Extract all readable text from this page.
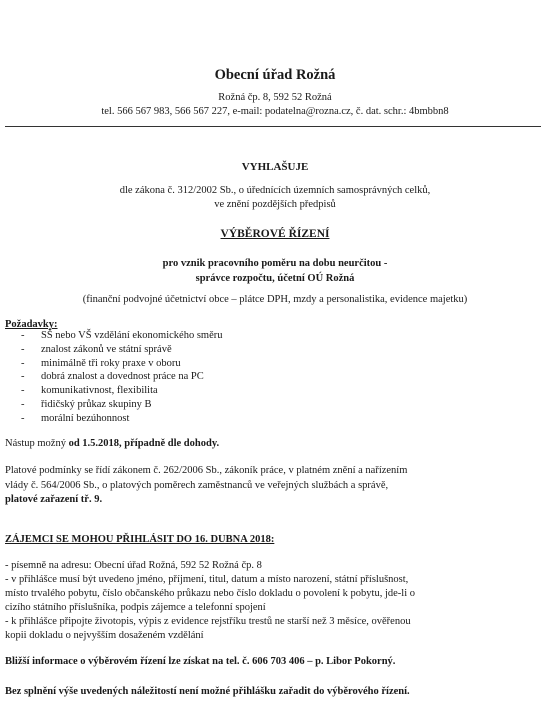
Obecní úřad Rožná
Rožná čp. 8, 592 52 Rožná
tel. 566 567 983, 566 567 227, e-mail: podatelna@rozna.cz, č. dat. schr.: 4bmbbn8
VYHLAŠUJE
dle zákona č. 312/2002 Sb., o úřednících územních samosprávných celků,
ve znění pozdějších předpisů
VÝBĚROVÉ ŘÍZENÍ
pro vznik pracovního poměru na dobu neurčitou -
správce rozpočtu, účetní OÚ Rožná
(finanční podvojné účetnictví obce – plátce DPH, mzdy a personalistika, evidence majetku)
Požadavky:
- SŠ nebo VŠ vzdělání ekonomického směru
- znalost zákonů ve státní správě
- minimálně tři roky praxe v oboru
- dobrá znalost a dovednost práce na PC
- komunikativnost, flexibilita
- řidičský průkaz skupiny B
- morální bezúhonnost
Nástup možný od 1.5.2018, případně dle dohody.
Platové podmínky se řídí zákonem č. 262/2006 Sb., zákoník práce, v platném znění a nařízením
vlády č. 564/2006 Sb., o platových poměrech zaměstnanců ve veřejných službách a správě,
platové zařazení tř. 9.
ZÁJEMCI SE MOHOU PŘIHLÁSIT DO 16. DUBNA 2018:
- písemně na adresu: Obecní úřad Rožná, 592 52 Rožná čp. 8
- v přihlášce musí být uvedeno jméno, příjmení, titul, datum a místo narození, státní příslušnost,
místo trvalého pobytu, číslo občanského průkazu nebo číslo dokladu o povolení k pobytu, jde-li o
cizího státního příslušníka, podpis zájemce a telefonní spojení
- k přihlášce připojte životopis, výpis z evidence rejstříku trestů ne starší než 3 měsíce, ověřenou
kopii dokladu o nejvyšším dosaženém vzdělání
Bližší informace o výběrovém řízení lze získat na tel. č. 606 703 406 – p. Libor Pokorný.
Bez splnění výše uvedených náležitostí není možné přihlášku zařadit do výběrového řízení.
